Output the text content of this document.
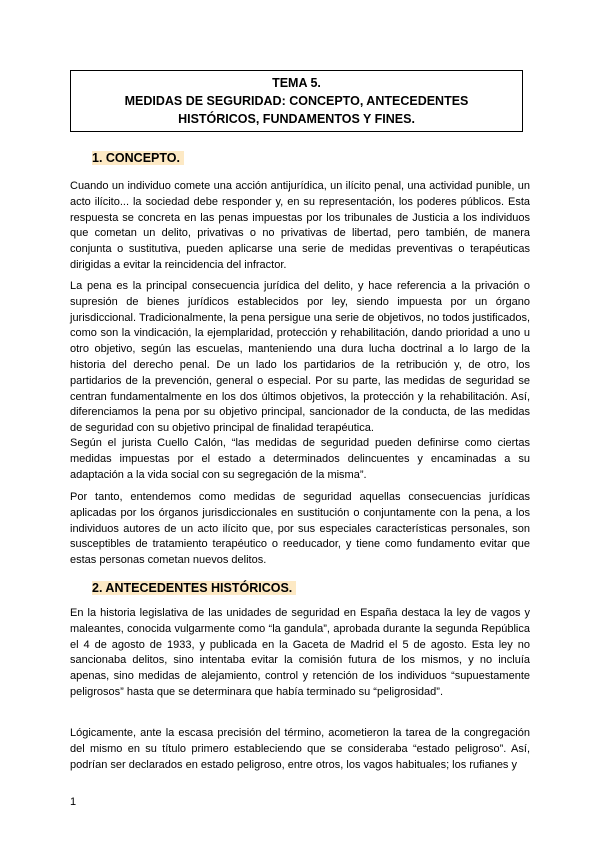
TEMA 5.
MEDIDAS DE SEGURIDAD: CONCEPTO, ANTECEDENTES
HISTÓRICOS, FUNDAMENTOS Y FINES.
1. CONCEPTO.

Cuando un individuo comete una acción antijurídica, un ilícito penal, una actividad punible, un acto ilícito... la sociedad debe responder y, en su representación, los poderes públicos. Esta respuesta se concreta en las penas impuestas por los tribunales de Justicia a los individuos que cometan un delito, privativas o no privativas de libertad, pero también, de manera conjunta o sustitutiva, pueden aplicarse una serie de medidas preventivas o terapéuticas dirigidas a evitar la reincidencia del infractor.

La pena es la principal consecuencia jurídica del delito, y hace referencia a la privación o supresión de bienes jurídicos establecidos por ley, siendo impuesta por un órgano jurisdiccional. Tradicionalmente, la pena persigue una serie de objetivos, no todos justificados, como son la vindicación, la ejemplaridad, protección y rehabilitación, dando prioridad a uno u otro objetivo, según las escuelas, manteniendo una dura lucha doctrinal a lo largo de la historia del derecho penal. De un lado los partidarios de la retribución y, de otro, los partidarios de la prevención, general o especial. Por su parte, las medidas de seguridad se centran fundamentalmente en los dos últimos objetivos, la protección y la rehabilitación. Así, diferenciamos la pena por su objetivo principal, sancionador de la conducta, de las medidas de seguridad con su objetivo principal de finalidad terapéutica.

Según el jurista Cuello Calón, “las medidas de seguridad pueden definirse como ciertas medidas impuestas por el estado a determinados delincuentes y encaminadas a su adaptación a la vida social con su segregación de la misma”.

Por tanto, entendemos como medidas de seguridad aquellas consecuencias jurídicas aplicadas por los órganos jurisdiccionales en sustitución o conjuntamente con la pena, a los individuos autores de un acto ilícito que, por sus especiales características personales, son susceptibles de tratamiento terapéutico o reeducador, y tiene como fundamento evitar que estas personas cometan nuevos delitos.

2. ANTECEDENTES HISTÓRICOS.

En la historia legislativa de las unidades de seguridad en España destaca la ley de vagos y maleantes, conocida vulgarmente como “la gandula”, aprobada durante la segunda República el 4 de agosto de 1933, y publicada en la Gaceta de Madrid el 5 de agosto. Esta ley no sancionaba delitos, sino intentaba evitar la comisión futura de los mismos, y no incluía apenas, sino medidas de alejamiento, control y retención de los individuos “supuestamente peligrosos” hasta que se determinara que había terminado su “peligrosidad”.

Lógicamente, ante la escasa precisión del término, acometieron la tarea de la congregación del mismo en su título primero estableciendo que se consideraba “estado peligroso”. Así, podrían ser declarados en estado peligroso, entre otros, los vagos habituales; los rufianes y

1
